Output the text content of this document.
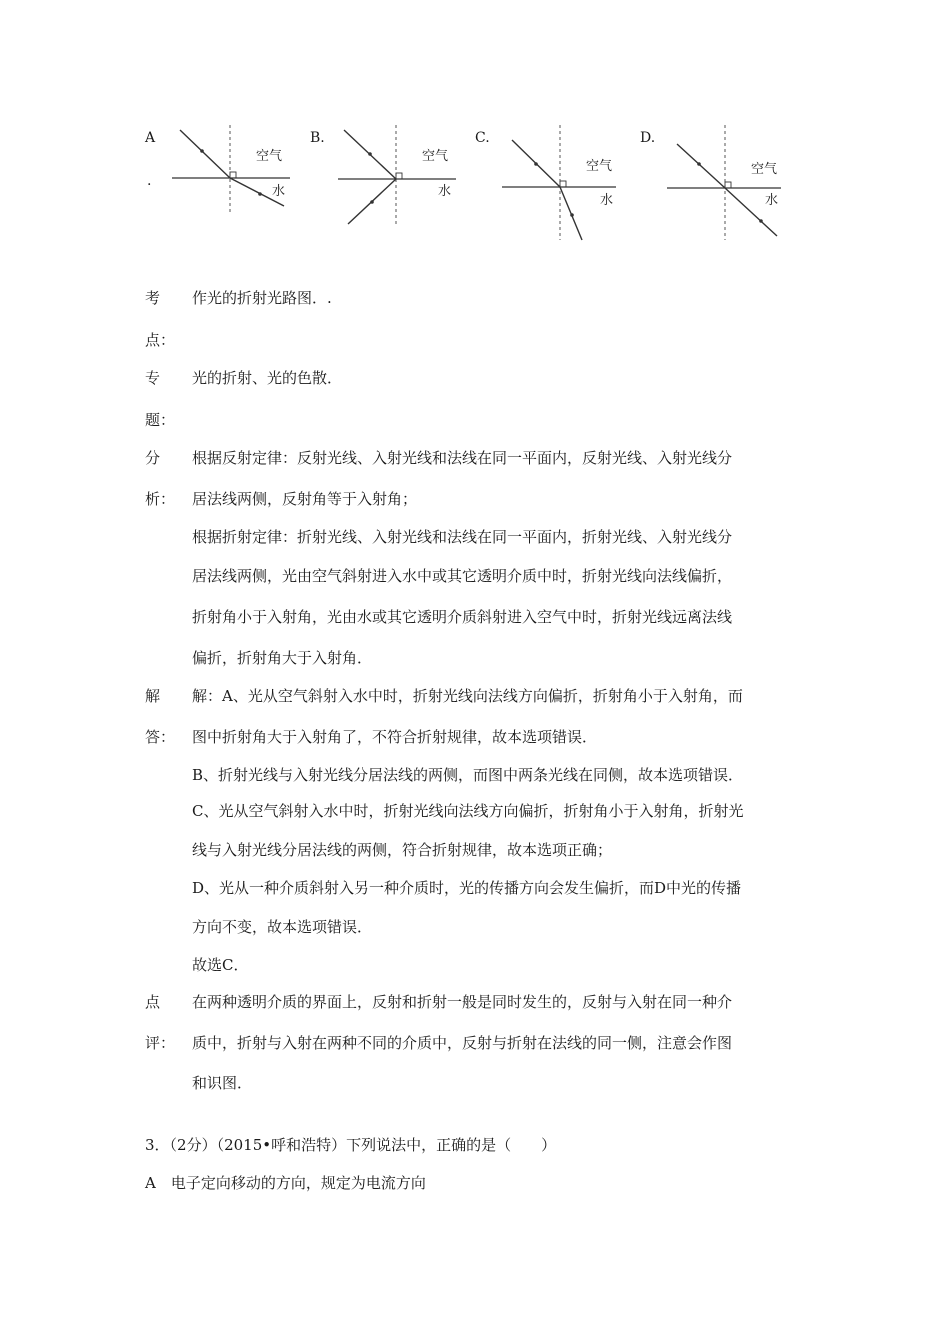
A
.
B.	C.	D.
空气
水
空气
水
空气
水
空气
水
考
点：
作光的折射光路图．.
专
题：
光的折射、光的色散．
分
析：
根据反射定律：反射光线、入射光线和法线在同一平面内，反射光线、入射光线分
居法线两侧，反射角等于入射角；
根据折射定律：折射光线、入射光线和法线在同一平面内，折射光线、入射光线分
居法线两侧，光由空气斜射进入水中或其它透明介质中时，折射光线向法线偏折，
折射角小于入射角，光由水或其它透明介质斜射进入空气中时，折射光线远离法线
偏折，折射角大于入射角．
解
答：
解：A、光从空气斜射入水中时，折射光线向法线方向偏折，折射角小于入射角，而
图中折射角大于入射角了，不符合折射规律，故本选项错误．
B、折射光线与入射光线分居法线的两侧，而图中两条光线在同侧，故本选项错误．
C、光从空气斜射入水中时，折射光线向法线方向偏折，折射角小于入射角，折射光
线与入射光线分居法线的两侧，符合折射规律，故本选项正确；
D、光从一种介质斜射入另一种介质时，光的传播方向会发生偏折，而D中光的传播
方向不变，故本选项错误．
故选C．
点
评：
在两种透明介质的界面上，反射和折射一般是同时发生的，反射与入射在同一种介
质中，折射与入射在两种不同的介质中，反射与折射在法线的同一侧，注意会作图
和识图．
3．（2分）（2015•呼和浩特）下列说法中，正确的是（　　）
A　电子定向移动的方向，规定为电流方向
